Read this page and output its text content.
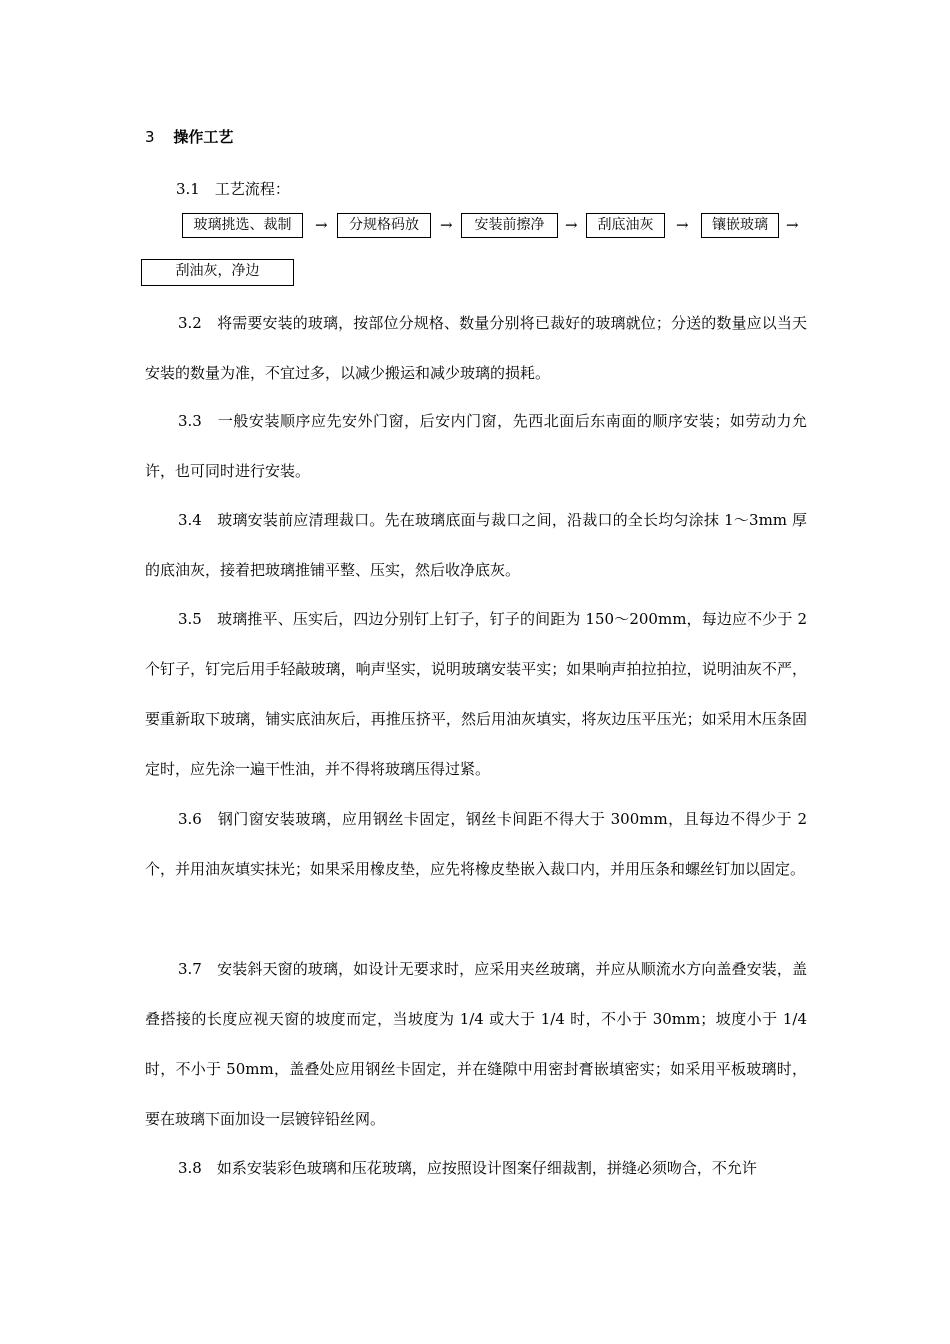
3 操作工艺
3.1　工艺流程：
玻璃挑选、裁制	→	分规格码放	→	安装前擦净	→	刮底油灰	→	镶嵌玻璃	→
刮油灰，净边

3.2　将需要安装的玻璃，按部位分规格、数量分别将已裁好的玻璃就位；分送的数量应以当天安装的数量为准，不宜过多，以减少搬运和减少玻璃的损耗。

3.3　一般安装顺序应先安外门窗，后安内门窗，先西北面后东南面的顺序安装；如劳动力允许，也可同时进行安装。

3.4　玻璃安装前应清理裁口。先在玻璃底面与裁口之间，沿裁口的全长均匀涂抹 1～3mm 厚的底油灰，接着把玻璃推铺平整、压实，然后收净底灰。

3.5　玻璃推平、压实后，四边分别钉上钉子，钉子的间距为 150～200mm，每边应不少于 2 个钉子，钉完后用手轻敲玻璃，响声坚实，说明玻璃安装平实；如果响声拍拉拍拉，说明油灰不严，要重新取下玻璃，铺实底油灰后，再推压挤平，然后用油灰填实，将灰边压平压光；如采用木压条固定时，应先涂一遍干性油，并不得将玻璃压得过紧。

3.6　钢门窗安装玻璃，应用钢丝卡固定，钢丝卡间距不得大于 300mm，且每边不得少于 2 个，并用油灰填实抹光；如果采用橡皮垫，应先将橡皮垫嵌入裁口内，并用压条和螺丝钉加以固定。

3.7　安装斜天窗的玻璃，如设计无要求时，应采用夹丝玻璃，并应从顺流水方向盖叠安装，盖叠搭接的长度应视天窗的坡度而定，当坡度为 1/4 或大于 1/4 时，不小于 30mm；坡度小于 1/4 时，不小于 50mm，盖叠处应用钢丝卡固定，并在缝隙中用密封膏嵌填密实；如采用平板玻璃时，要在玻璃下面加设一层镀锌铅丝网。

3.8　如系安装彩色玻璃和压花玻璃，应按照设计图案仔细裁割，拼缝必须吻合，不允许
